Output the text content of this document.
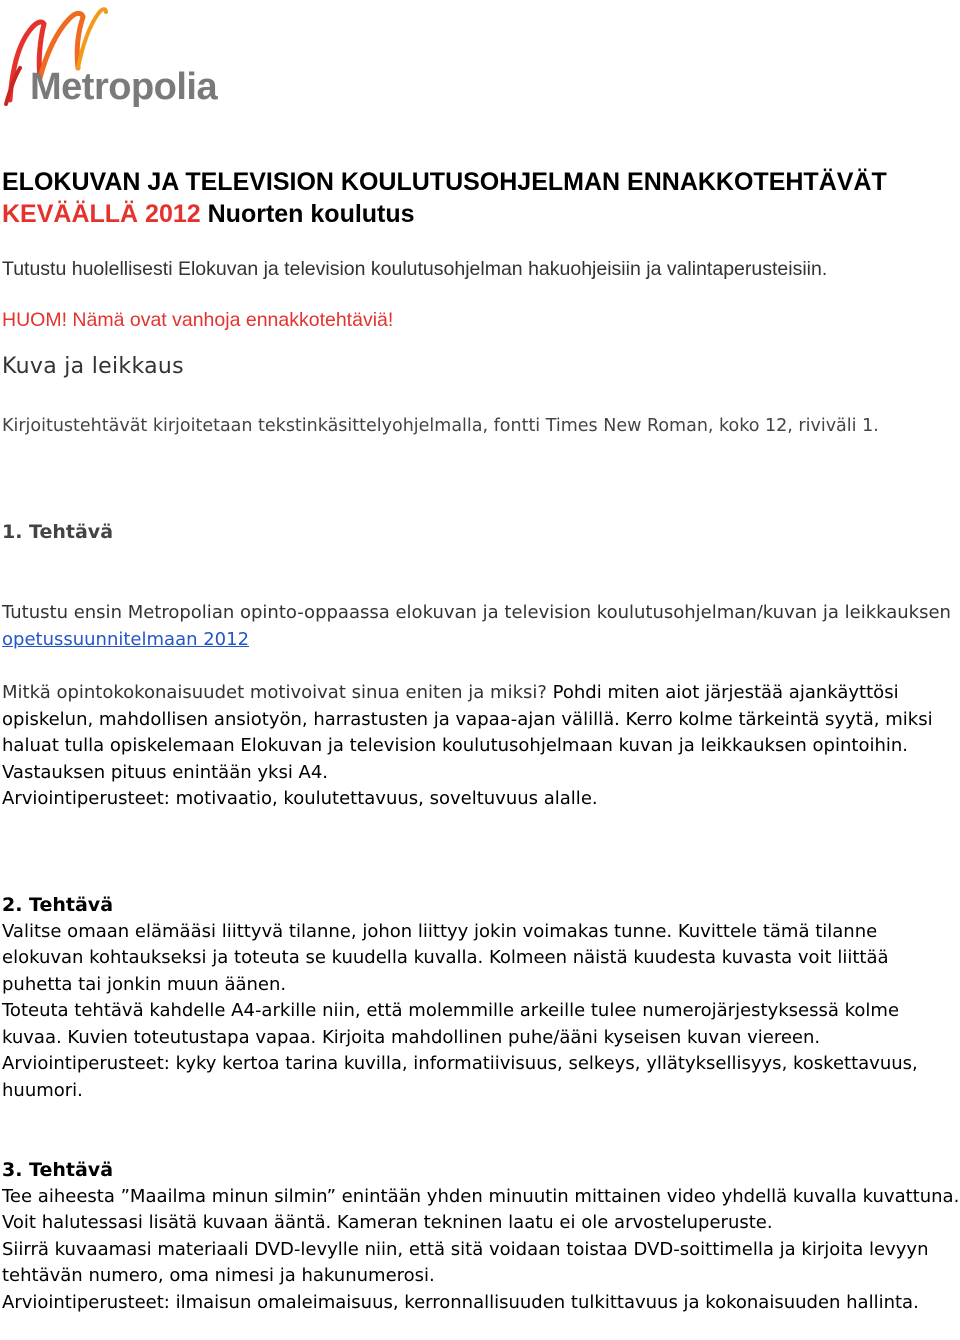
Metropolia
ELOKUVAN JA TELEVISION KOULUTUSOHJELMAN ENNAKKOTEHTÄVÄT
KEVÄÄLLÄ 2012 Nuorten koulutus
Tutustu huolellisesti Elokuvan ja television koulutusohjelman hakuohjeisiin ja valintaperusteisiin.
HUOM! Nämä ovat vanhoja ennakkotehtäviä!
Kuva ja leikkaus
Kirjoitustehtävät kirjoitetaan tekstinkäsittelyohjelmalla, fontti Times New Roman, koko 12, riviväli 1.
1. Tehtävä
Tutustu ensin Metropolian opinto-oppaassa elokuvan ja television koulutusohjelman/kuvan ja leikkauksen opetussuunnitelmaan 2012

Mitkä opintokokonaisuudet motivoivat sinua eniten ja miksi? Pohdi miten aiot järjestää ajankäyttösi opiskelun, mahdollisen ansiotyön, harrastusten ja vapaa-ajan välillä. Kerro kolme tärkeintä syytä, miksi haluat tulla opiskelemaan Elokuvan ja television koulutusohjelmaan kuvan ja leikkauksen opintoihin.

Vastauksen pituus enintään yksi A4.

Arviointiperusteet: motivaatio, koulutettavuus, soveltuvuus alalle.

2. Tehtävä

Valitse omaan elämääsi liittyvä tilanne, johon liittyy jokin voimakas tunne. Kuvittele tämä tilanne elokuvan kohtaukseksi ja toteuta se kuudella kuvalla. Kolmeen näistä kuudesta kuvasta voit liittää puhetta tai jonkin muun äänen.

Toteuta tehtävä kahdelle A4-arkille niin, että molemmille arkeille tulee numerojärjestyksessä kolme kuvaa. Kuvien toteutustapa vapaa. Kirjoita mahdollinen puhe/ääni kyseisen kuvan viereen.

Arviointiperusteet: kyky kertoa tarina kuvilla, informatiivisuus, selkeys, yllätyksellisyys, koskettavuus, huumori.

3. Tehtävä

Tee aiheesta ”Maailma minun silmin” enintään yhden minuutin mittainen video yhdellä kuvalla kuvattuna. Voit halutessasi lisätä kuvaan ääntä. Kameran tekninen laatu ei ole arvosteluperuste.

Siirrä kuvaamasi materiaali DVD-levylle niin, että sitä voidaan toistaa DVD-soittimella ja kirjoita levyyn tehtävän numero, oma nimesi ja hakunumerosi.

Arviointiperusteet: ilmaisun omaleimaisuus, kerronnallisuuden tulkittavuus ja kokonaisuuden hallinta.
